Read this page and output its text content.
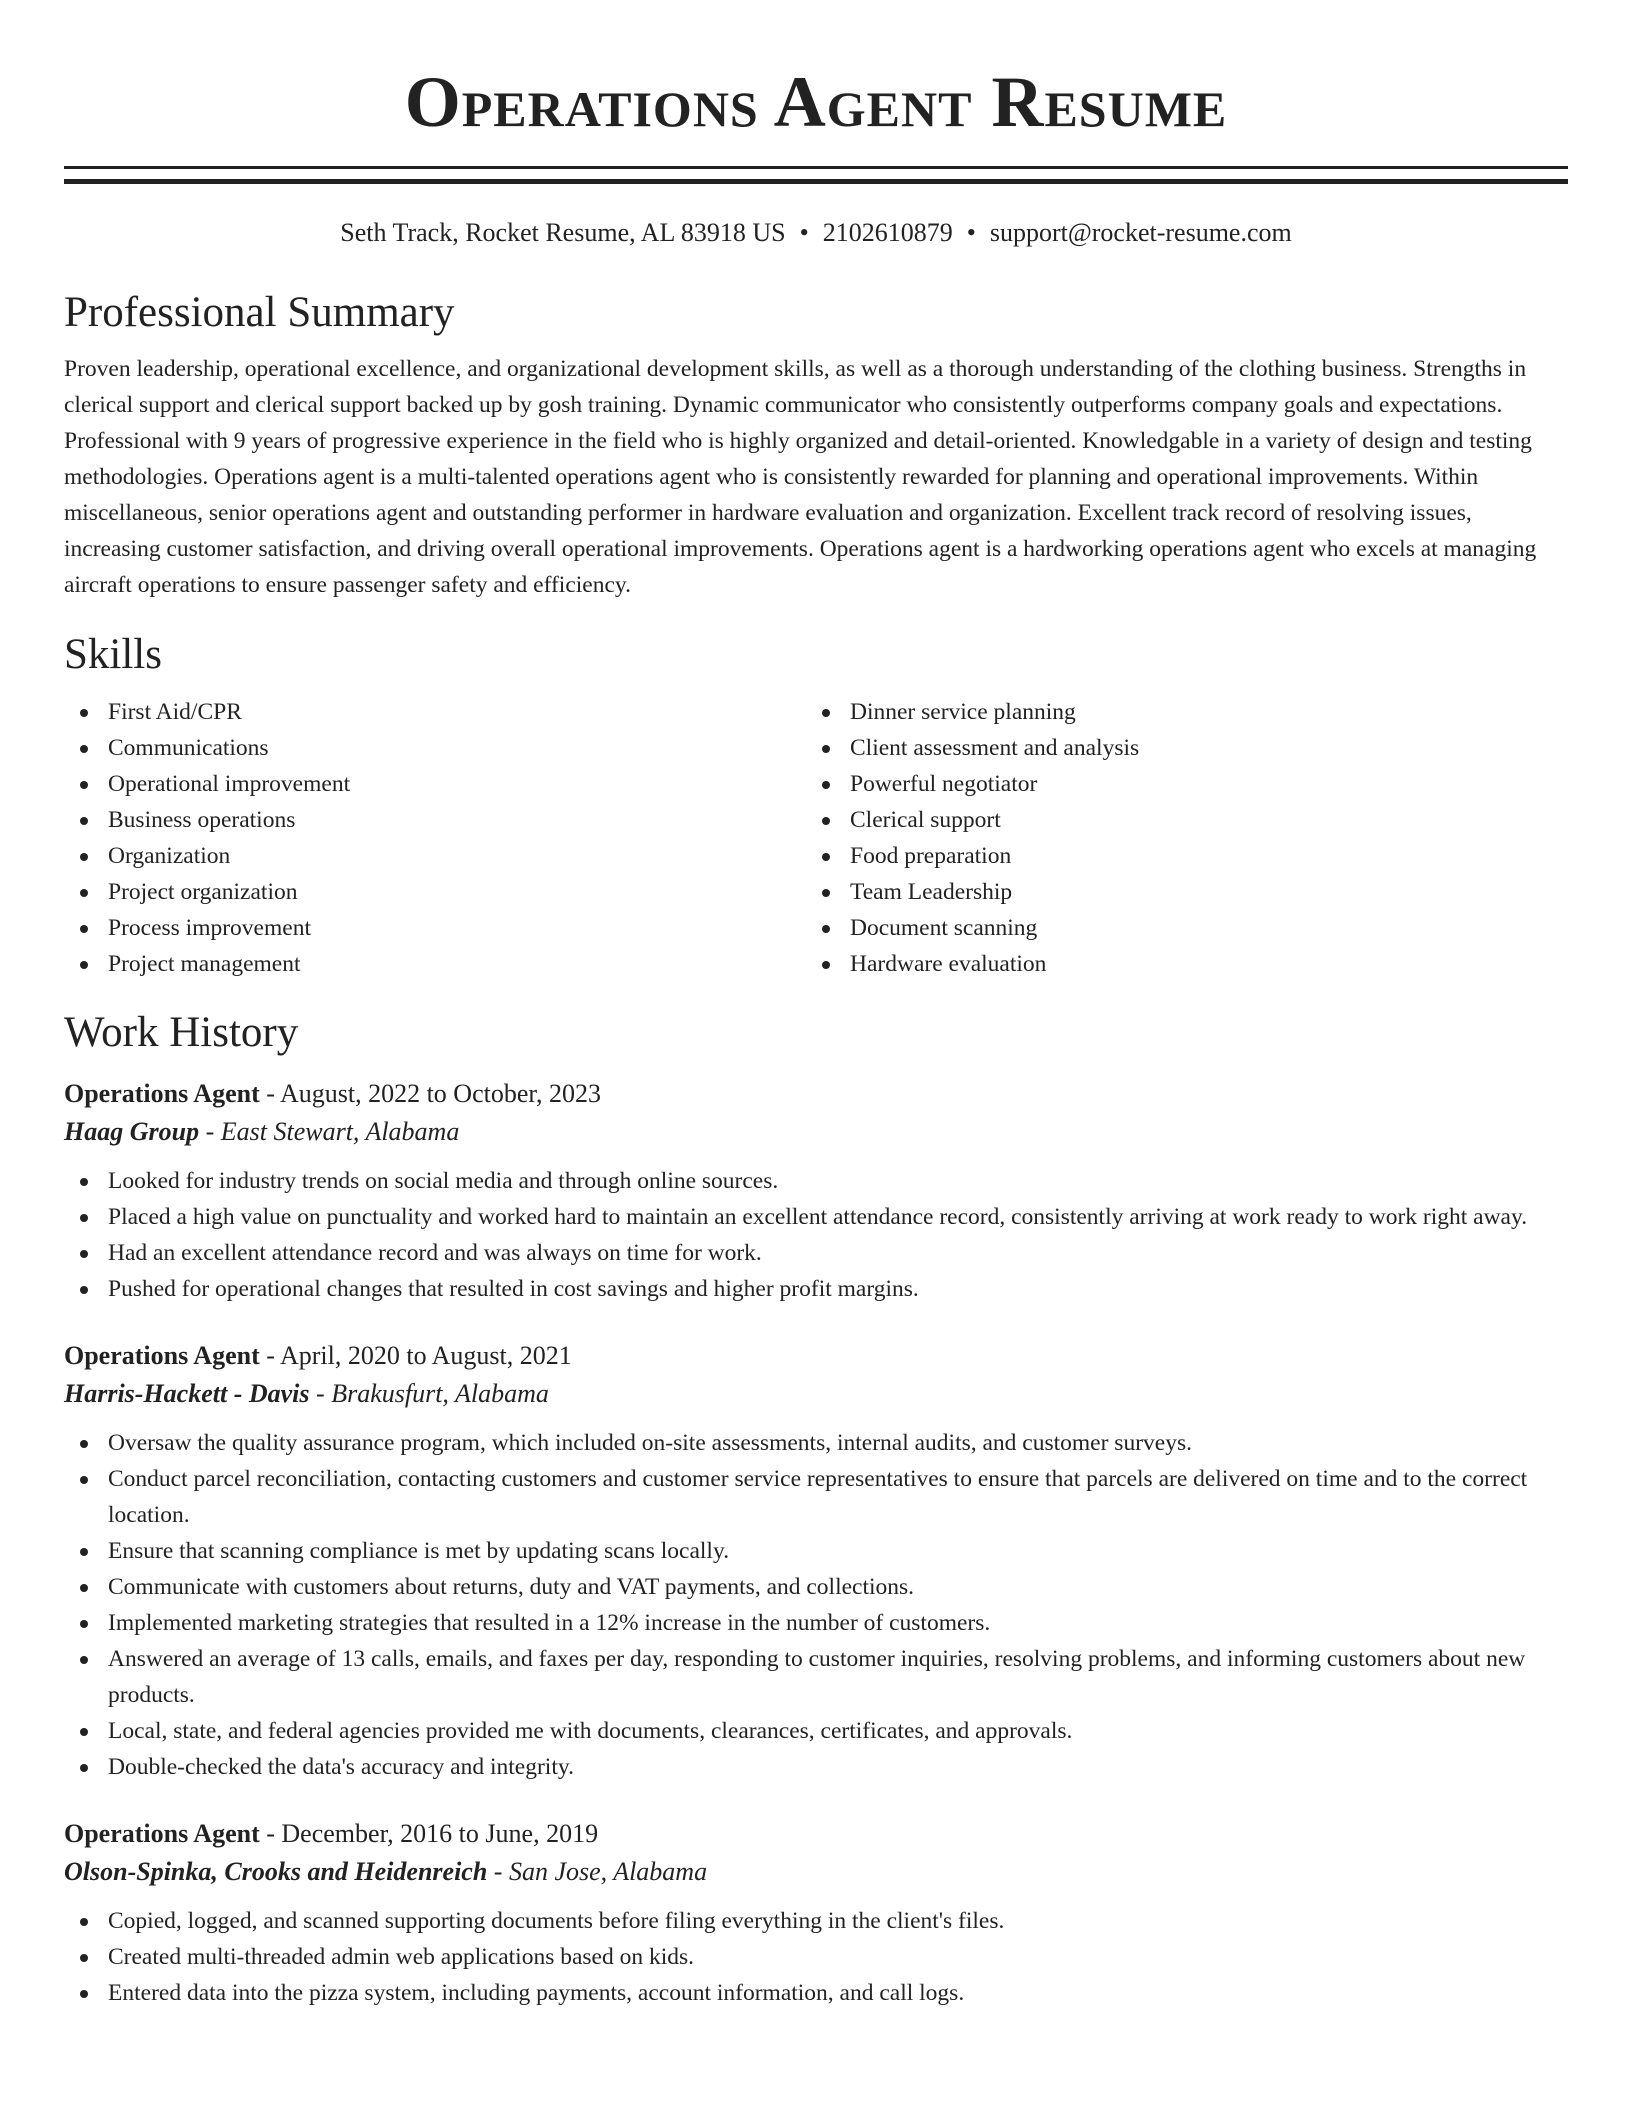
Operations Agent Resume
Seth Track, Rocket Resume, AL 83918 US • 2102610879 • support@rocket-resume.com
Professional Summary

Proven leadership, operational excellence, and organizational development skills, as well as a thorough understanding of the clothing business. Strengths in clerical support and clerical support backed up by gosh training. Dynamic communicator who consistently outperforms company goals and expectations. Professional with 9 years of progressive experience in the field who is highly organized and detail-oriented. Knowledgable in a variety of design and testing methodologies. Operations agent is a multi-talented operations agent who is consistently rewarded for planning and operational improvements. Within miscellaneous, senior operations agent and outstanding performer in hardware evaluation and organization. Excellent track record of resolving issues, increasing customer satisfaction, and driving overall operational improvements. Operations agent is a hardworking operations agent who excels at managing aircraft operations to ensure passenger safety and efficiency.

Skills
First Aid/CPR
Communications
Operational improvement
Business operations
Organization
Project organization
Process improvement
Project management
Dinner service planning
Client assessment and analysis
Powerful negotiator
Clerical support
Food preparation
Team Leadership
Document scanning
Hardware evaluation
Work History
Operations Agent - August, 2022 to October, 2023
Haag Group - East Stewart, Alabama
Looked for industry trends on social media and through online sources.
Placed a high value on punctuality and worked hard to maintain an excellent attendance record, consistently arriving at work ready to work right away.
Had an excellent attendance record and was always on time for work.
Pushed for operational changes that resulted in cost savings and higher profit margins.
Operations Agent - April, 2020 to August, 2021
Harris-Hackett - Davis - Brakusfurt, Alabama
Oversaw the quality assurance program, which included on-site assessments, internal audits, and customer surveys.
Conduct parcel reconciliation, contacting customers and customer service representatives to ensure that parcels are delivered on time and to the correct location.
Ensure that scanning compliance is met by updating scans locally.
Communicate with customers about returns, duty and VAT payments, and collections.
Implemented marketing strategies that resulted in a 12% increase in the number of customers.
Answered an average of 13 calls, emails, and faxes per day, responding to customer inquiries, resolving problems, and informing customers about new products.
Local, state, and federal agencies provided me with documents, clearances, certificates, and approvals.
Double-checked the data's accuracy and integrity.
Operations Agent - December, 2016 to June, 2019
Olson-Spinka, Crooks and Heidenreich - San Jose, Alabama
Copied, logged, and scanned supporting documents before filing everything in the client's files.
Created multi-threaded admin web applications based on kids.
Entered data into the pizza system, including payments, account information, and call logs.
